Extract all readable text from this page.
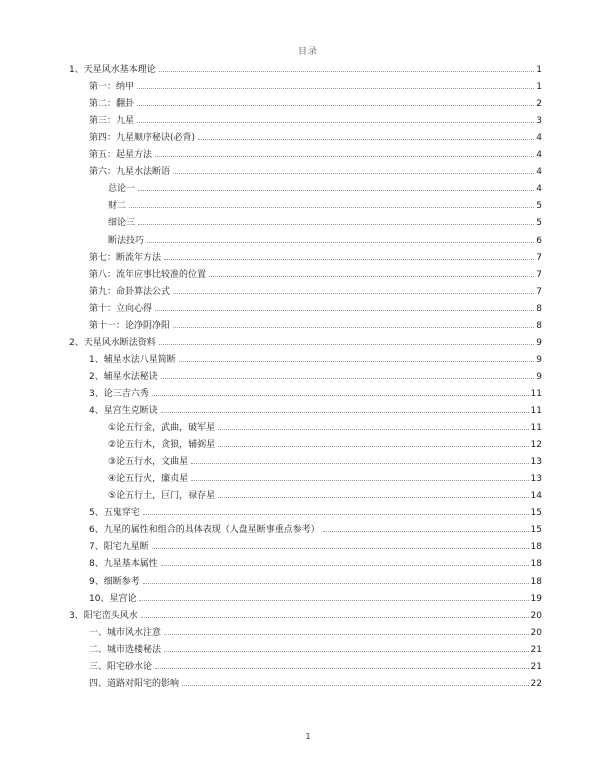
目录
1、天星风水基本理论	1
第一：纳甲	1
第二：翻卦	2
第三：九星	3
第四：九星顺序秘诀(必背)	4
第五：起星方法	4
第六：九星水法断语	4
总论一	4
财二	5
细论三	5
断法技巧	6
第七：断流年方法	7
第八：流年应事比较准的位置	7
第九：命卦算法公式	7
第十：立向心得	8
第十一：论净阴净阳	8
2、天星风水断法资料	9
1、辅星水法八星简断	9
2、辅星水法秘诀	9
3、论三吉六秀	11
4、星宫生克断诀	11
①论五行金，武曲，破军星	11
②论五行木，贪狼，辅弼星	12
③论五行水，文曲星	13
④论五行火，廉贞星	13
⑤论五行土，巨门，禄存星	14
5、五鬼穿宅	15
6、九星的属性和组合的具体表现（人盘星断事重点参考）	15
7、阳宅九星断	18
8、九星基本属性	18
9、细断参考	18
10、星宫论	19
3、阳宅峦头风水	20
一、城市风水注意	20
二、城市选楼秘法	21
三、阳宅砂水论	21
四、道路对阳宅的影响	22
1
